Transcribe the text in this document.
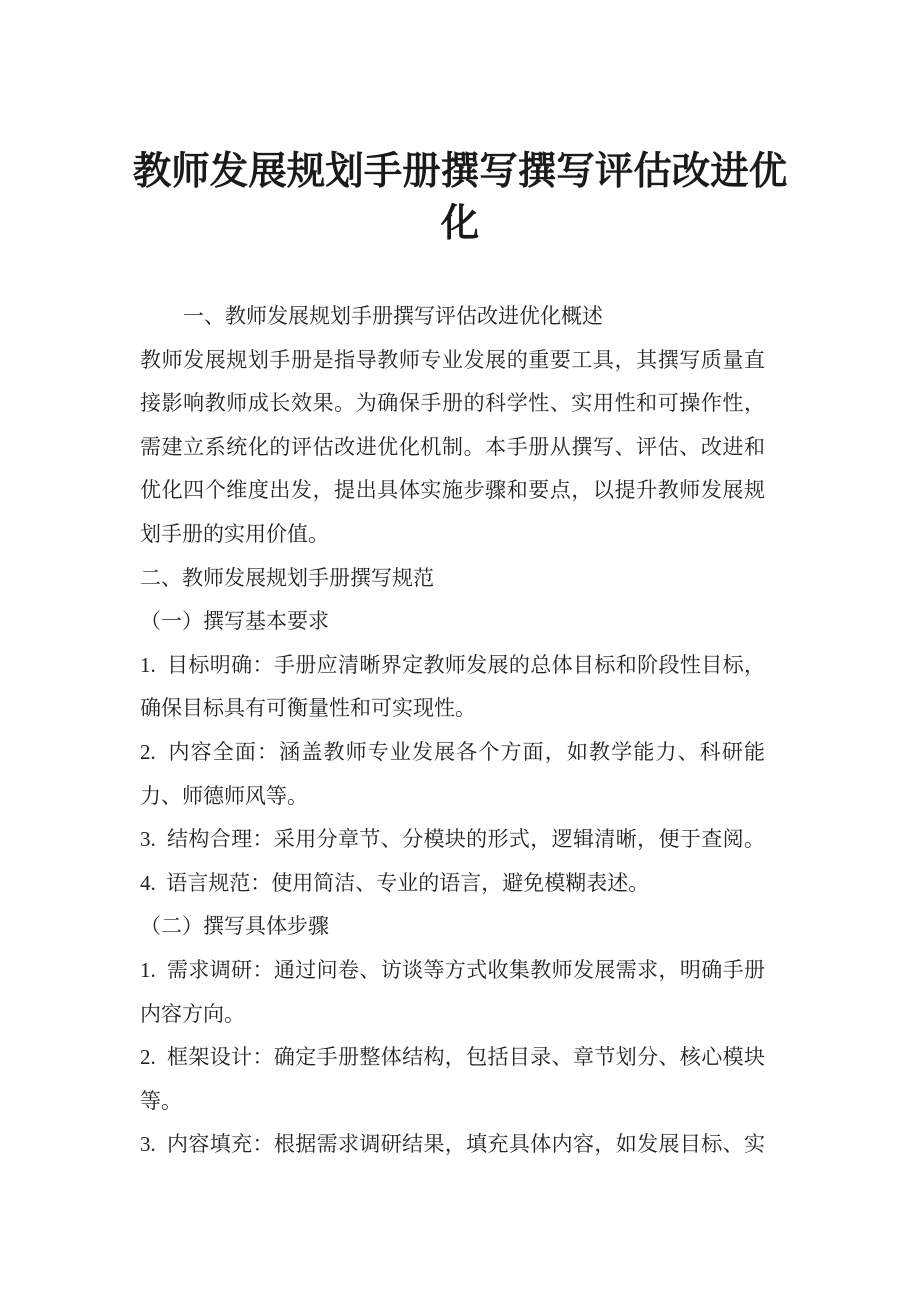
教师发展规划手册撰写撰写评估改进优
化
一、教师发展规划手册撰写评估改进优化概述
教师发展规划手册是指导教师专业发展的重要工具，其撰写质量直
接影响教师成长效果。为确保手册的科学性、实用性和可操作性，
需建立系统化的评估改进优化机制。本手册从撰写、评估、改进和
优化四个维度出发，提出具体实施步骤和要点，以提升教师发展规
划手册的实用价值。
二、教师发展规划手册撰写规范
（一）撰写基本要求
1.  目标明确：手册应清晰界定教师发展的总体目标和阶段性目标，
确保目标具有可衡量性和可实现性。
2.  内容全面：涵盖教师专业发展各个方面，如教学能力、科研能
力、师德师风等。
3.  结构合理：采用分章节、分模块的形式，逻辑清晰，便于查阅。
4.  语言规范：使用简洁、专业的语言，避免模糊表述。
（二）撰写具体步骤
1.  需求调研：通过问卷、访谈等方式收集教师发展需求，明确手册
内容方向。
2.  框架设计：确定手册整体结构，包括目录、章节划分、核心模块
等。
3.  内容填充：根据需求调研结果，填充具体内容，如发展目标、实
